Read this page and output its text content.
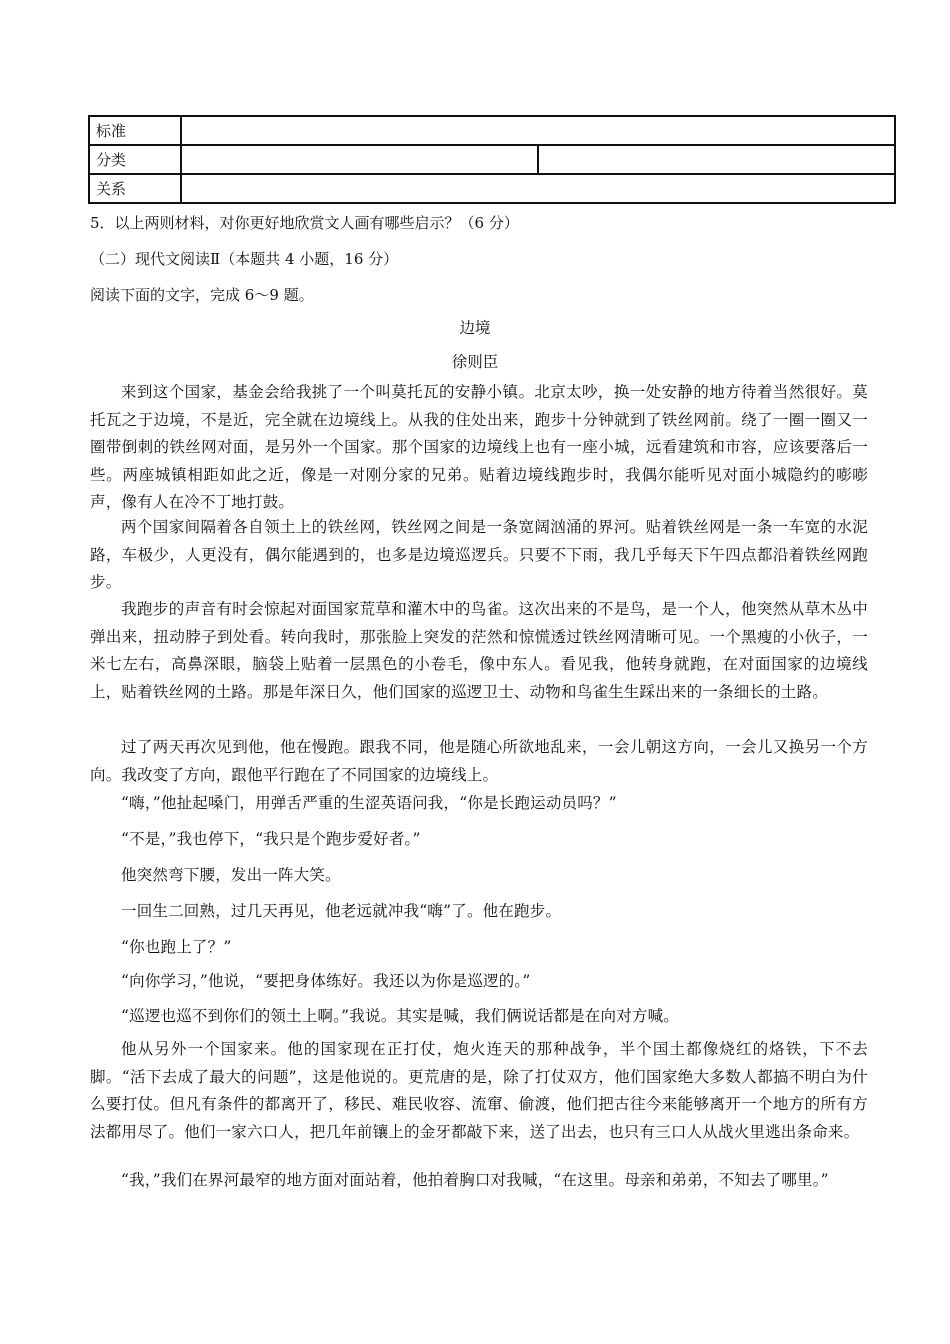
标准		
分类		
关系		
5．以上两则材料，对你更好地欣赏文人画有哪些启示？（6 分）
（二）现代文阅读Ⅱ（本题共 4 小题，16 分）
阅读下面的文字，完成 6～9 题。
边境
徐则臣
来到这个国家，基金会给我挑了一个叫莫托瓦的安静小镇。北京太吵，换一处安静的地方待着当然很好。莫托瓦之于边境，不是近，完全就在边境线上。从我的住处出来，跑步十分钟就到了铁丝网前。绕了一圈一圈又一圈带倒刺的铁丝网对面，是另外一个国家。那个国家的边境线上也有一座小城，远看建筑和市容，应该要落后一些。两座城镇相距如此之近，像是一对刚分家的兄弟。贴着边境线跑步时，我偶尔能听见对面小城隐约的嘭嘭声，像有人在冷不丁地打鼓。
两个国家间隔着各自领土上的铁丝网，铁丝网之间是一条宽阔汹涌的界河。贴着铁丝网是一条一车宽的水泥路，车极少，人更没有，偶尔能遇到的，也多是边境巡逻兵。只要不下雨，我几乎每天下午四点都沿着铁丝网跑步。
我跑步的声音有时会惊起对面国家荒草和灌木中的鸟雀。这次出来的不是鸟，是一个人，他突然从草木丛中弹出来，扭动脖子到处看。转向我时，那张脸上突发的茫然和惊慌透过铁丝网清晰可见。一个黑瘦的小伙子，一米七左右，高鼻深眼，脑袋上贴着一层黑色的小卷毛，像中东人。看见我，他转身就跑，在对面国家的边境线上，贴着铁丝网的土路。那是年深日久，他们国家的巡逻卫士、动物和鸟雀生生踩出来的一条细长的土路。
过了两天再次见到他，他在慢跑。跟我不同，他是随心所欲地乱来，一会儿朝这方向，一会儿又换另一个方向。我改变了方向，跟他平行跑在了不同国家的边境线上。
“嗨，”他扯起嗓门，用弹舌严重的生涩英语问我，“你是长跑运动员吗？”
“不是，”我也停下，“我只是个跑步爱好者。”
他突然弯下腰，发出一阵大笑。
一回生二回熟，过几天再见，他老远就冲我“嗨”了。他在跑步。
“你也跑上了？”
“向你学习，”他说，“要把身体练好。我还以为你是巡逻的。”
“巡逻也巡不到你们的领土上啊。”我说。其实是喊，我们俩说话都是在向对方喊。
他从另外一个国家来。他的国家现在正打仗，炮火连天的那种战争，半个国土都像烧红的烙铁，下不去脚。“活下去成了最大的问题”，这是他说的。更荒唐的是，除了打仗双方，他们国家绝大多数人都搞不明白为什么要打仗。但凡有条件的都离开了，移民、难民收容、流窜、偷渡，他们把古往今来能够离开一个地方的所有方法都用尽了。他们一家六口人，把几年前镶上的金牙都敲下来，送了出去，也只有三口人从战火里逃出条命来。
“我，”我们在界河最窄的地方面对面站着，他拍着胸口对我喊，“在这里。母亲和弟弟，不知去了哪里。”
